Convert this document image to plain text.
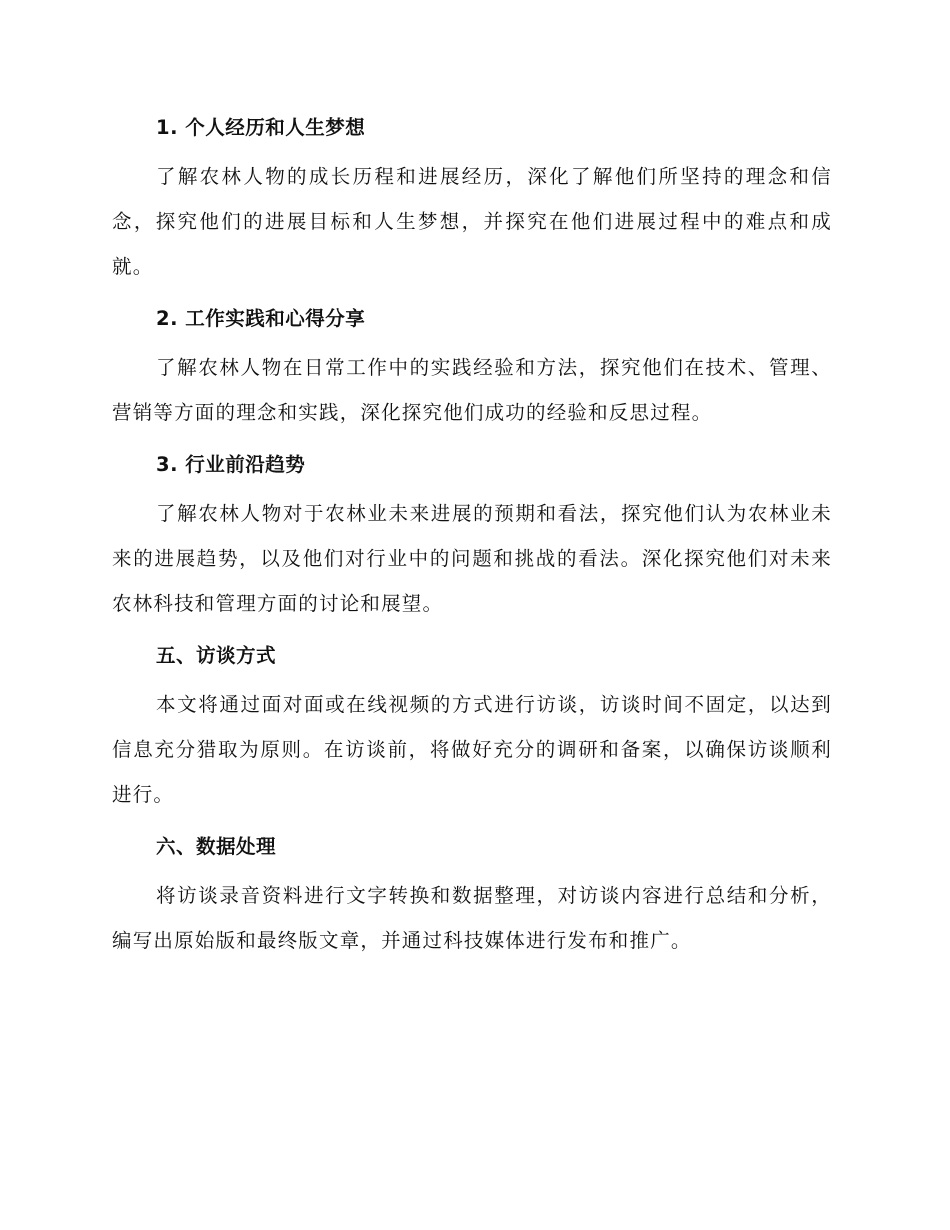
1. 个人经历和人生梦想

了解农林人物的成长历程和进展经历，深化了解他们所坚持的理念和信念，探究他们的进展目标和人生梦想，并探究在他们进展过程中的难点和成就。

2. 工作实践和心得分享

了解农林人物在日常工作中的实践经验和方法，探究他们在技术、管理、营销等方面的理念和实践，深化探究他们成功的经验和反思过程。

3. 行业前沿趋势

了解农林人物对于农林业未来进展的预期和看法，探究他们认为农林业未来的进展趋势，以及他们对行业中的问题和挑战的看法。深化探究他们对未来农林科技和管理方面的讨论和展望。

五、访谈方式

本文将通过面对面或在线视频的方式进行访谈，访谈时间不固定，以达到信息充分猎取为原则。在访谈前，将做好充分的调研和备案，以确保访谈顺利进行。

六、数据处理

将访谈录音资料进行文字转换和数据整理，对访谈内容进行总结和分析，编写出原始版和最终版文章，并通过科技媒体进行发布和推广。
